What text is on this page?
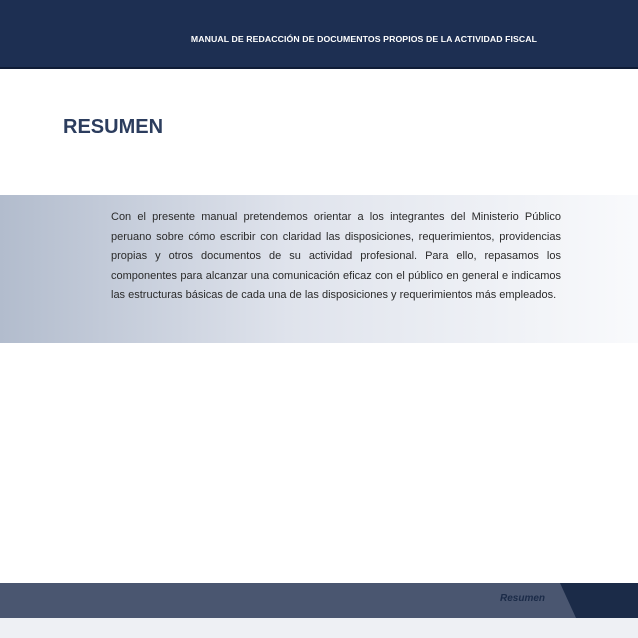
MANUAL DE REDACCIÓN DE DOCUMENTOS PROPIOS DE LA ACTIVIDAD FISCAL
RESUMEN

Con el presente manual pretendemos orientar a los integrantes del Ministerio Público peruano sobre cómo escribir con claridad las disposiciones, requerimientos, providencias propias y otros documentos de su actividad profesional. Para ello, repasamos los componentes para alcanzar una comunicación eficaz con el público en general e indicamos las estructuras básicas de cada una de las disposiciones y requerimientos más empleados.

Resumen
